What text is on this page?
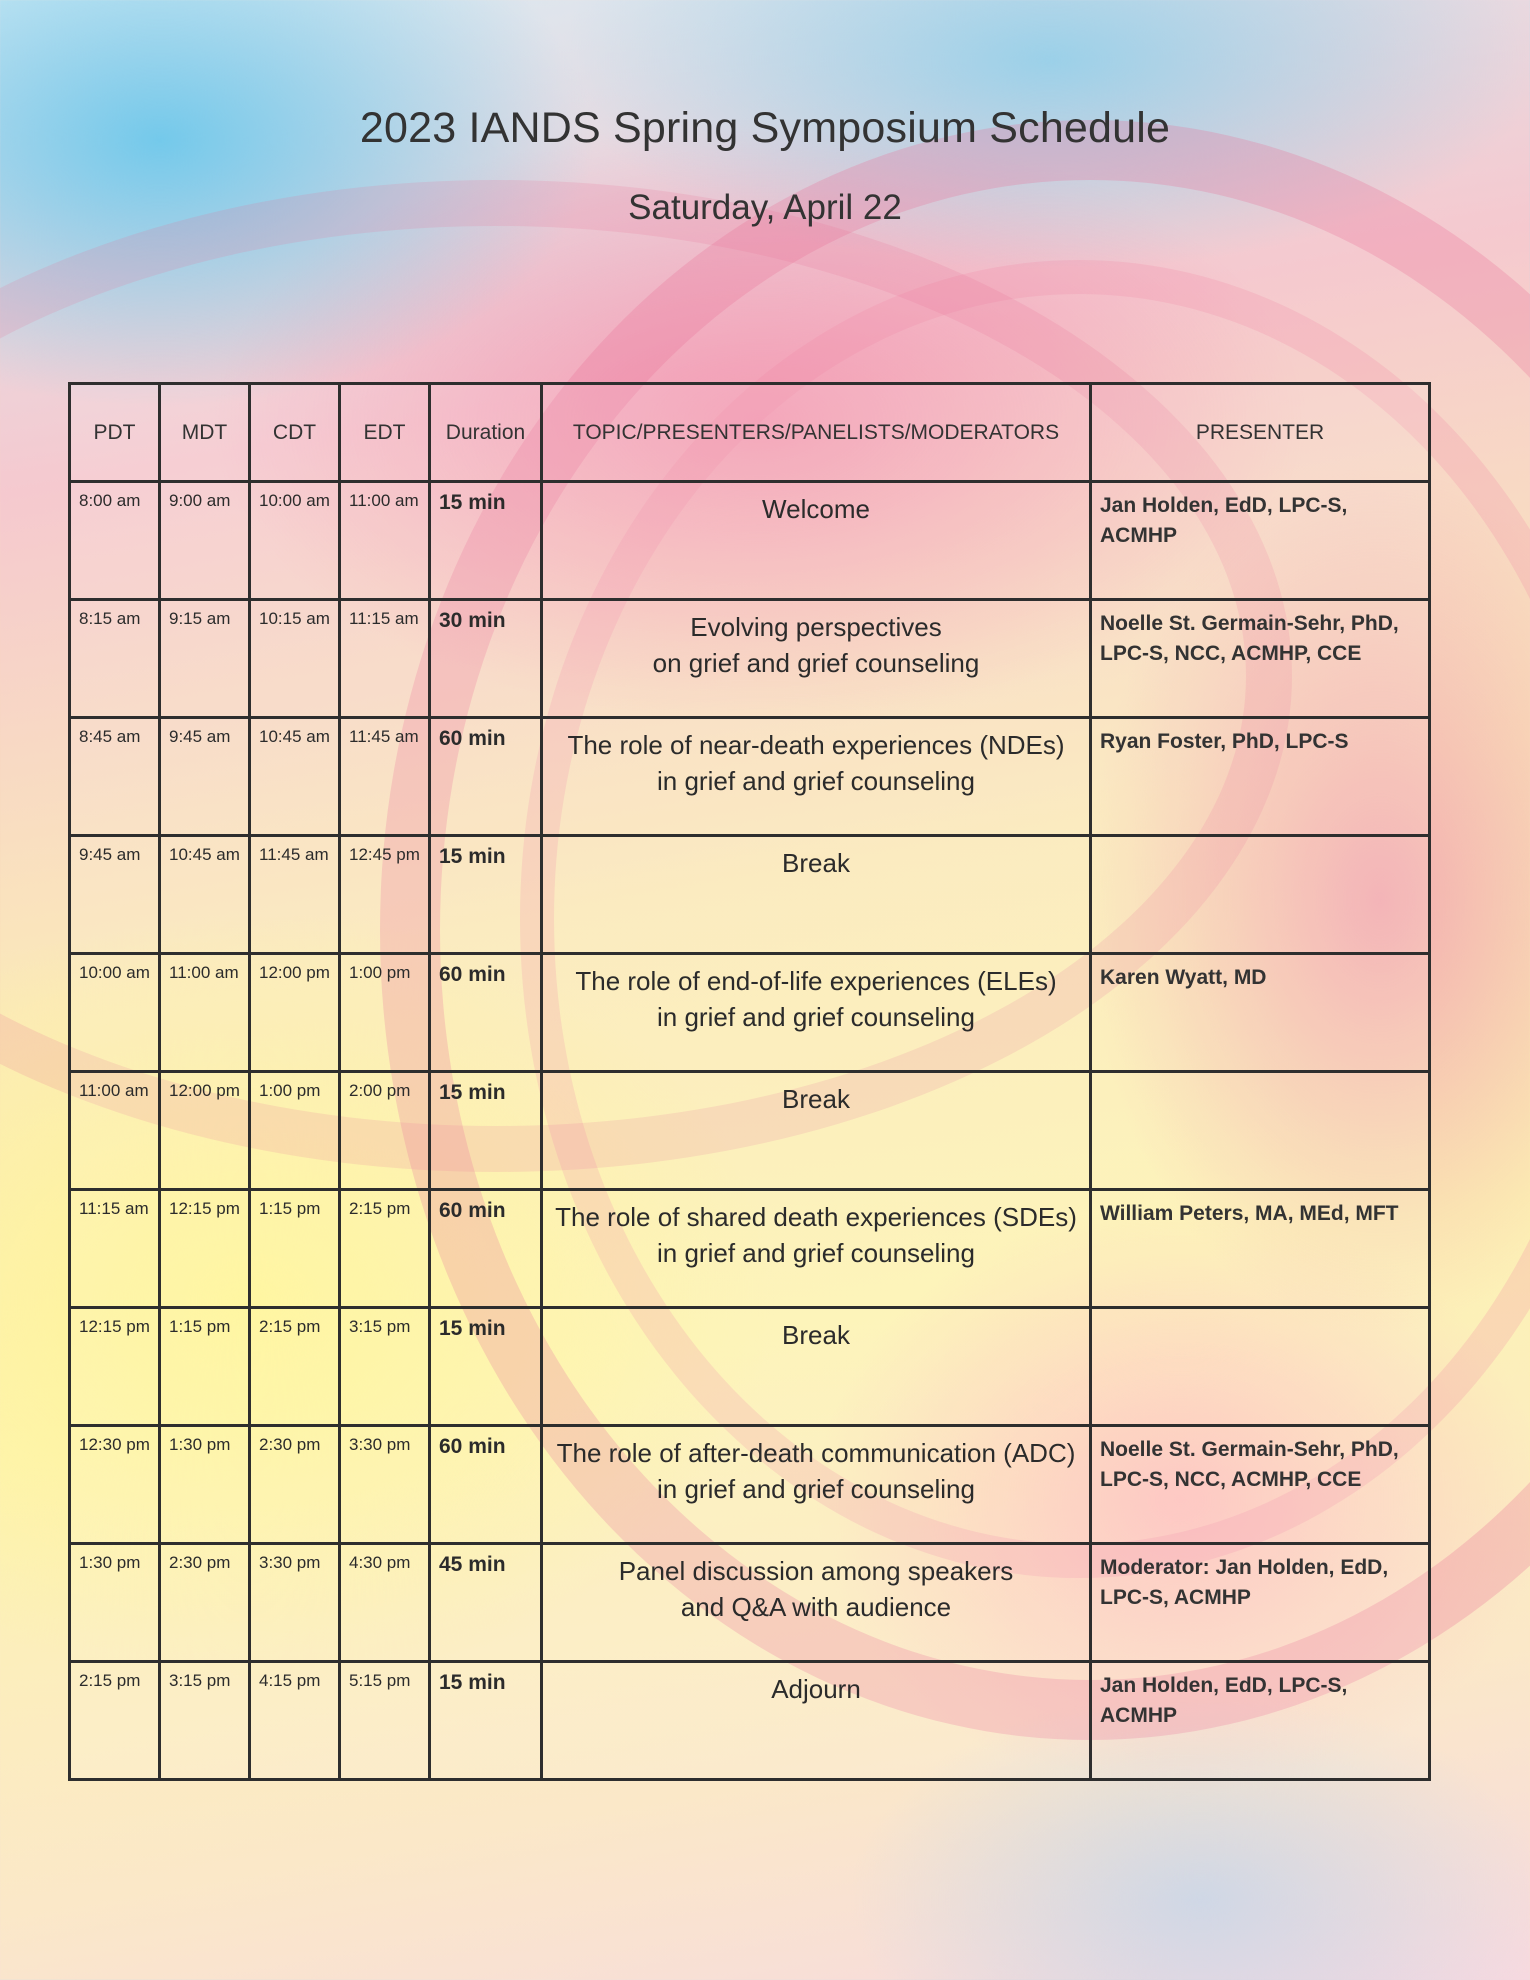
2023 IANDS Spring Symposium Schedule
Saturday, April 22
PDT	MDT	CDT	EDT	Duration	TOPIC/PRESENTERS/PANELISTS/MODERATORS	PRESENTER
8:00 am	9:00 am	10:00 am	11:00 am	15 min	Welcome	Jan Holden, EdD, LPC-S,
ACMHP

8:15 am	9:15 am	10:15 am	11:15 am	30 min	Evolving perspectives
on grief and grief counseling	Noelle St. Germain-Sehr, PhD,
LPC-S, NCC, ACMHP, CCE

8:45 am	9:45 am	10:45 am	11:45 am	60 min	The role of near-death experiences (NDEs)
in grief and grief counseling	Ryan Foster, PhD, LPC-S

9:45 am	10:45 am	11:45 am	12:45 pm	15 min	Break	

10:00 am	11:00 am	12:00 pm	1:00 pm	60 min	The role of end-of-life experiences (ELEs)
in grief and grief counseling	Karen Wyatt, MD

11:00 am	12:00 pm	1:00 pm	2:00 pm	15 min	Break	

11:15 am	12:15 pm	1:15 pm	2:15 pm	60 min	The role of shared death experiences (SDEs)
in grief and grief counseling	William Peters, MA, MEd, MFT

12:15 pm	1:15 pm	2:15 pm	3:15 pm	15 min	Break	

12:30 pm	1:30 pm	2:30 pm	3:30 pm	60 min	The role of after-death communication (ADC)
in grief and grief counseling	Noelle St. Germain-Sehr, PhD,
LPC-S, NCC, ACMHP, CCE

1:30 pm	2:30 pm	3:30 pm	4:30 pm	45 min	Panel discussion among speakers
and Q&A with audience	Moderator: Jan Holden, EdD,
LPC-S, ACMHP

2:15 pm	3:15 pm	4:15 pm	5:15 pm	15 min	Adjourn	Jan Holden, EdD, LPC-S,
ACMHP
